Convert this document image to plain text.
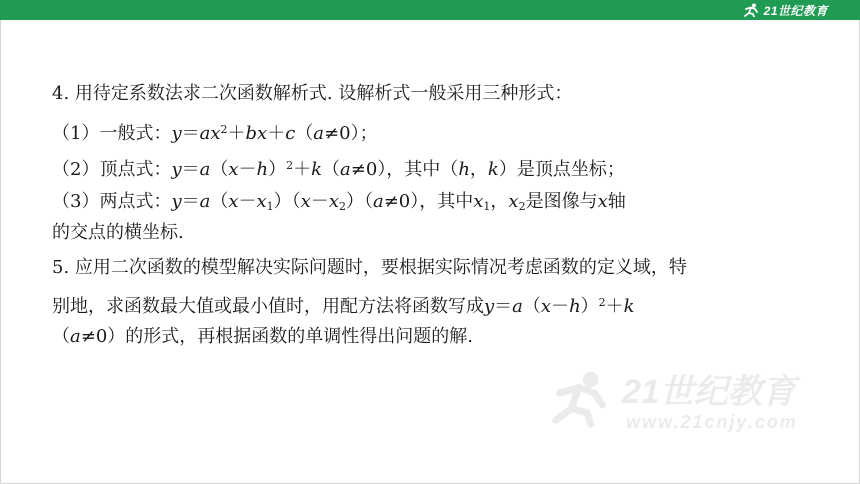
21世纪教育
4. 用待定系数法求二次函数解析式. 设解析式一般采用三种形式：
（1）一般式：$y=ax^2+bx+c(a\ne 0)$；
（2）顶点式：$y=a(x-h)^2+k(a\ne 0)$，其中（h，k）是顶点坐标；
（3）两点式：$y=a(x-x_1)(x-x_2)(a\ne 0)$，其中$x_1$，$x_2$是图像与x轴
的交点的横坐标.
5. 应用二次函数的模型解决实际问题时，要根据实际情况考虑函数的定义域，特
别地，求函数最大值或最小值时，用配方法将函数写成$y=a(x-h)^2+k$
（a≠0）的形式，再根据函数的单调性得出问题的解.
21世纪教育
www.21cnjy.com
